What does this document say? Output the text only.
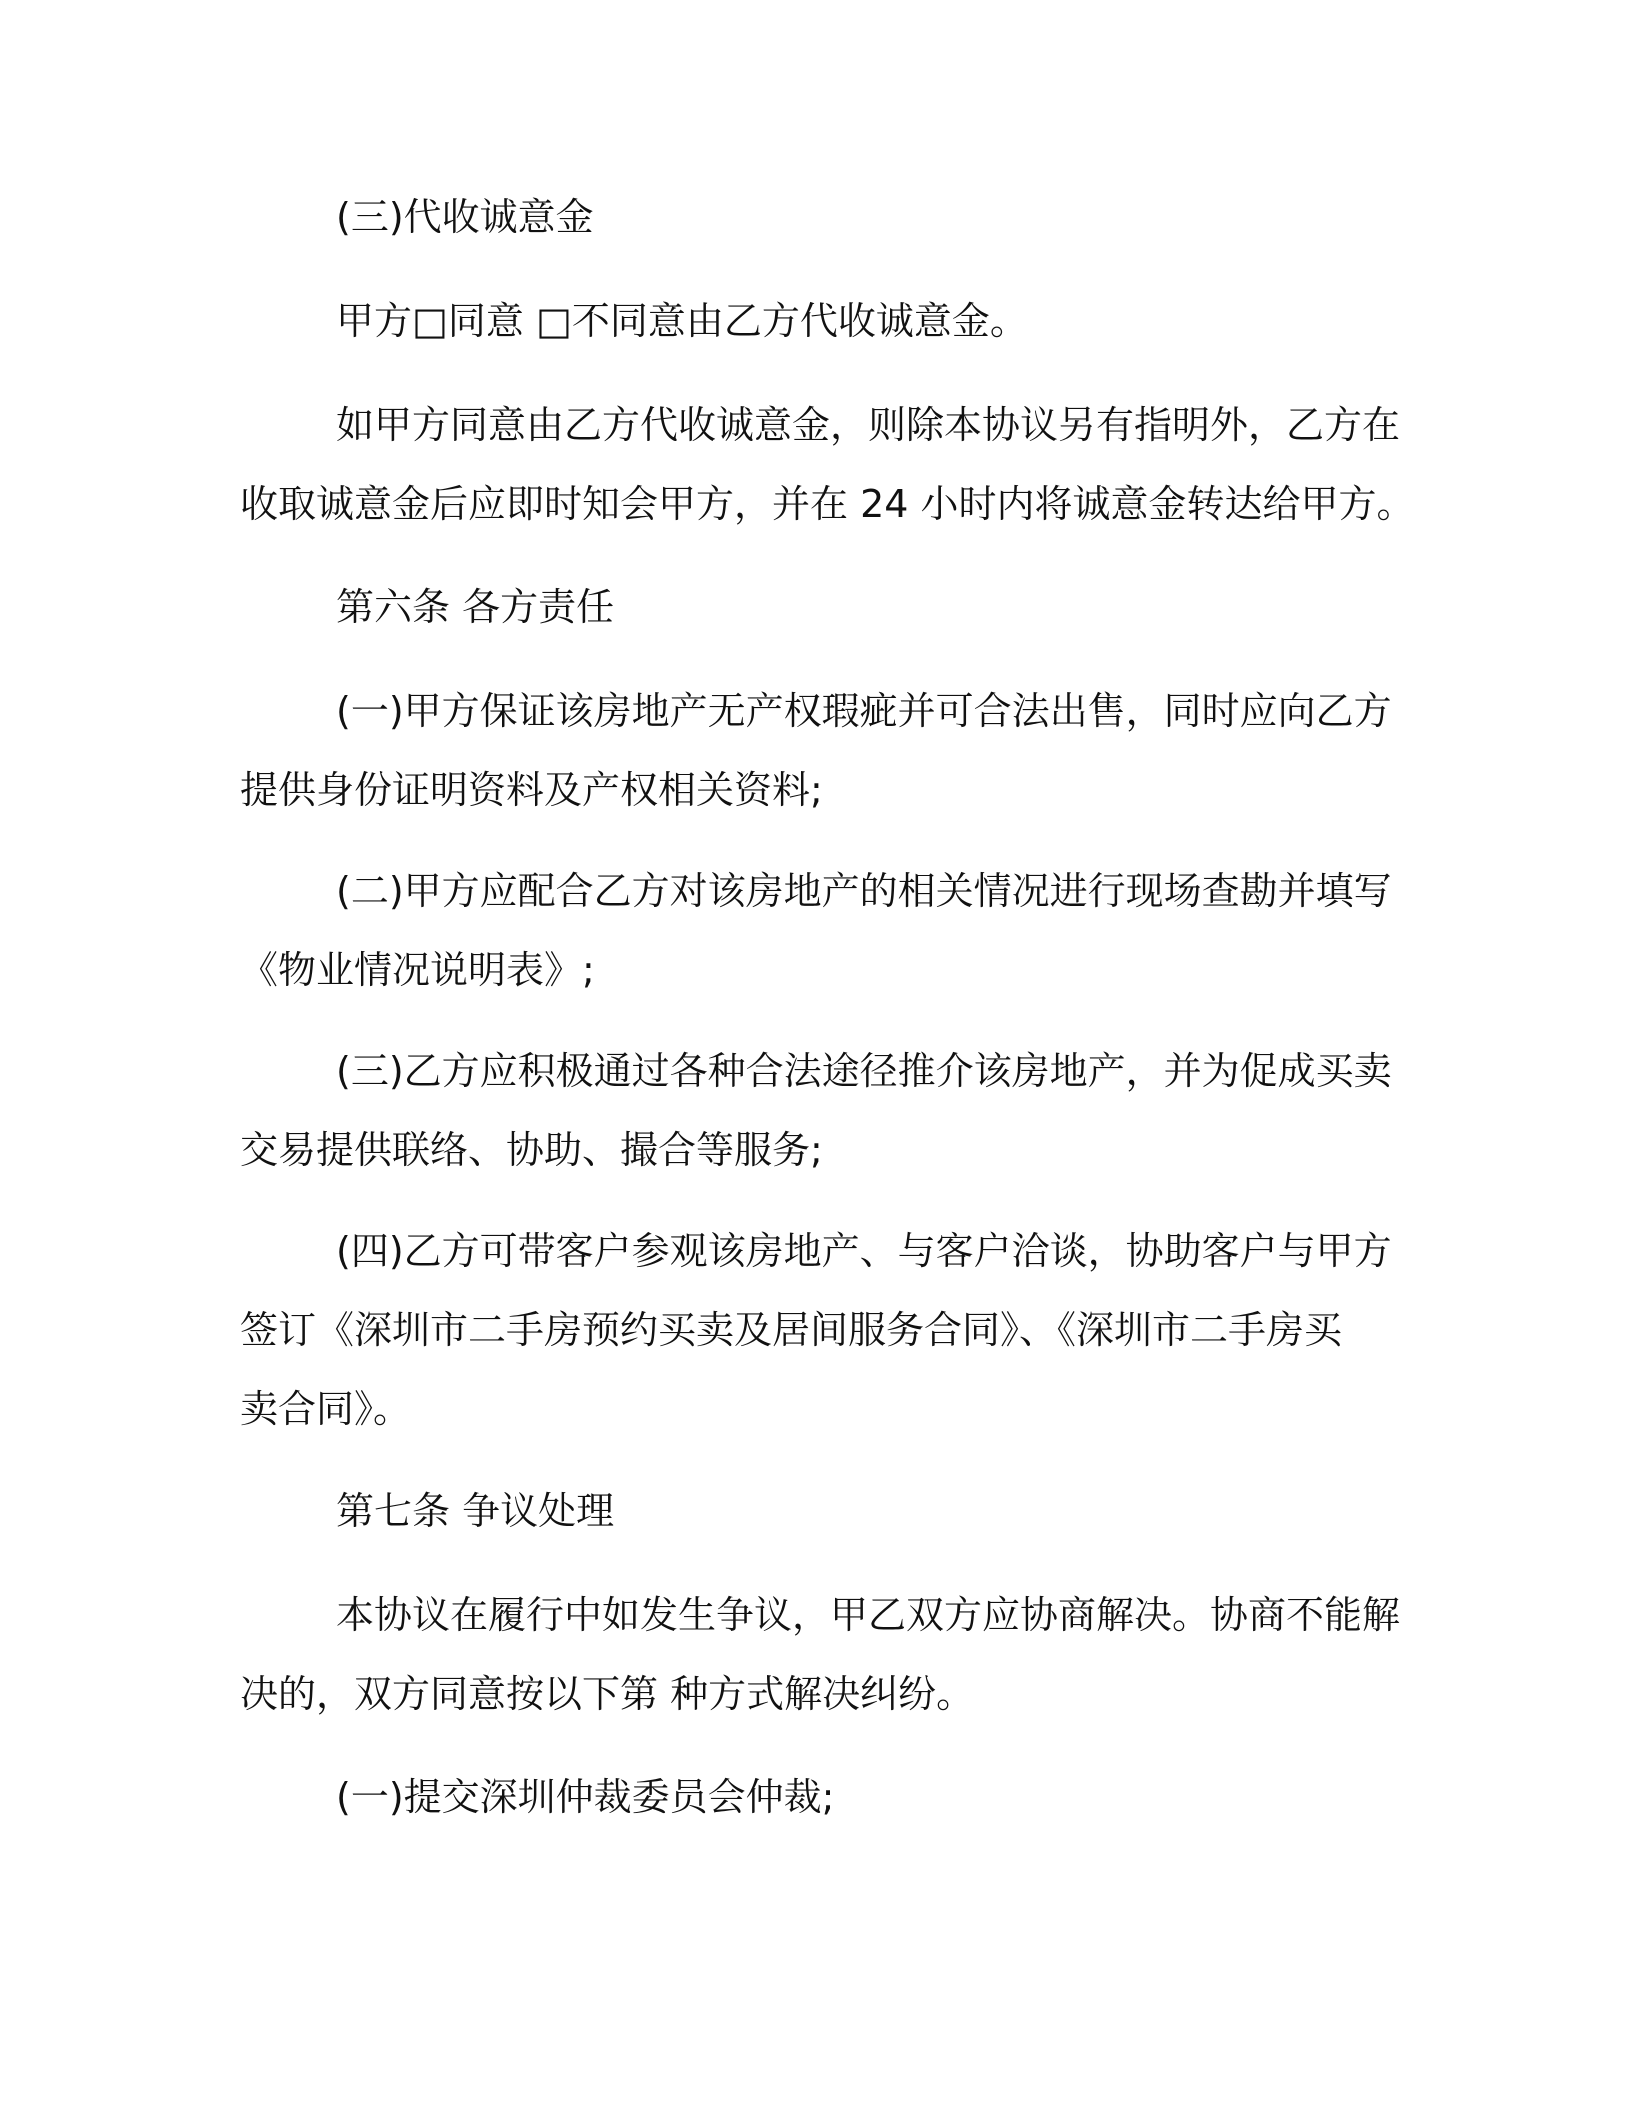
(三)代收诚意金

甲方□同意 □不同意由乙方代收诚意金。

如甲方同意由乙方代收诚意金，则除本协议另有指明外，乙方在
收取诚意金后应即时知会甲方，并在 24 小时内将诚意金转达给甲方。

第六条 各方责任

(一)甲方保证该房地产无产权瑕疵并可合法出售，同时应向乙方
提供身份证明资料及产权相关资料;

(二)甲方应配合乙方对该房地产的相关情况进行现场查勘并填写
《物业情况说明表》;

(三)乙方应积极通过各种合法途径推介该房地产，并为促成买卖
交易提供联络、协助、撮合等服务;

(四)乙方可带客户参观该房地产、与客户洽谈，协助客户与甲方
签订《深圳市二手房预约买卖及居间服务合同》、《深圳市二手房买
卖合同》。

第七条 争议处理

本协议在履行中如发生争议，甲乙双方应协商解决。协商不能解
决的，双方同意按以下第 种方式解决纠纷。

(一)提交深圳仲裁委员会仲裁;
